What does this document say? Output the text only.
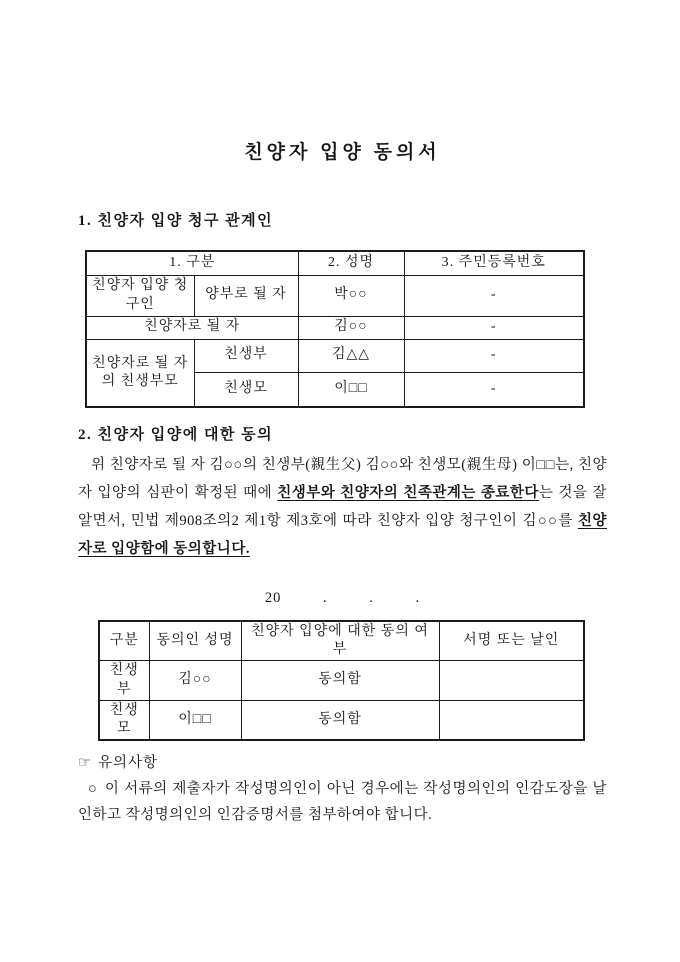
친양자 입양 동의서
1. 친양자 입양 청구 관계인
1. 구분		2. 성명	3. 주민등록번호
친양자 입양 청구인	양부로 될 자	박○○	-
친양자로 될 자		김○○	-
친양자로 될 자의 친생부모	친생부	김△△	-
	친생모	이□□	-
2. 친양자 입양에 대한 동의

위 친양자로 될 자 김○○의 친생부(親生父) 김○○와 친생모(親生母) 이□□는, 친양자 입양의 심판이 확정된 때에 친생부와 친양자의 친족관계는 종료한다는 것을 잘 알면서, 민법 제908조의2 제1항 제3호에 따라 친양자 입양 청구인이 김○○를 친양자로 입양함에 동의합니다.

20         .         .         .
구분	동의인 성명	친양자 입양에 대한 동의 여부	서명 또는 날인
친생부	김○○	동의함	
친생모	이□□	동의함	
☞ 유의사항

○ 이 서류의 제출자가 작성명의인이 아닌 경우에는 작성명의인의 인감도장을 날인하고 작성명의인의 인감증명서를 첨부하여야 합니다.
